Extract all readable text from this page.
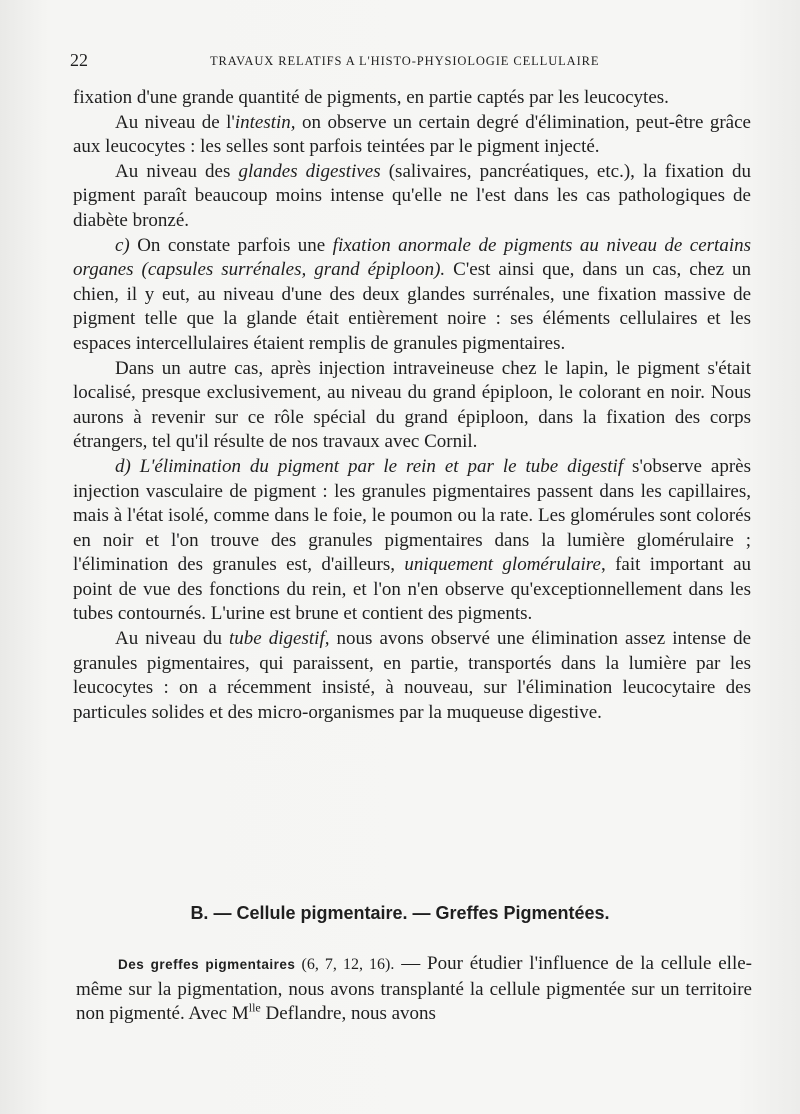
22	TRAVAUX RELATIFS A L'HISTO-PHYSIOLOGIE CELLULAIRE

fixation d'une grande quantité de pigments, en partie captés par les leucocytes.

Au niveau de l'intestin, on observe un certain degré d'élimination, peut-être grâce aux leucocytes : les selles sont parfois teintées par le pigment injecté.

Au niveau des glandes digestives (salivaires, pancréatiques, etc.), la fixation du pigment paraît beaucoup moins intense qu'elle ne l'est dans les cas pathologiques de diabète bronzé.

c) On constate parfois une fixation anormale de pigments au niveau de certains organes (capsules surrénales, grand épiploon). C'est ainsi que, dans un cas, chez un chien, il y eut, au niveau d'une des deux glandes surrénales, une fixation massive de pigment telle que la glande était entièrement noire : ses éléments cellulaires et les espaces intercellulaires étaient remplis de granules pigmentaires.

Dans un autre cas, après injection intraveineuse chez le lapin, le pigment s'était localisé, presque exclusivement, au niveau du grand épiploon, le colorant en noir. Nous aurons à revenir sur ce rôle spécial du grand épiploon, dans la fixation des corps étrangers, tel qu'il résulte de nos travaux avec Cornil.

d) L'élimination du pigment par le rein et par le tube digestif s'observe après injection vasculaire de pigment : les granules pigmentaires passent dans les capillaires, mais à l'état isolé, comme dans le foie, le poumon ou la rate. Les glomérules sont colorés en noir et l'on trouve des granules pigmentaires dans la lumière glomérulaire ; l'élimination des granules est, d'ailleurs, uniquement glomérulaire, fait important au point de vue des fonctions du rein, et l'on n'en observe qu'exceptionnellement dans les tubes contournés. L'urine est brune et contient des pigments.

Au niveau du tube digestif, nous avons observé une élimination assez intense de granules pigmentaires, qui paraissent, en partie, transportés dans la lumière par les leucocytes : on a récemment insisté, à nouveau, sur l'élimination leucocytaire des particules solides et des micro-organismes par la muqueuse digestive.

B. — Cellule pigmentaire. — Greffes Pigmentées.

Des greffes pigmentaires (6, 7, 12, 16). — Pour étudier l'influence de la cellule elle-même sur la pigmentation, nous avons transplanté la cellule pigmentée sur un territoire non pigmenté. Avec $M^{lle}$ Deflandre, nous avons
